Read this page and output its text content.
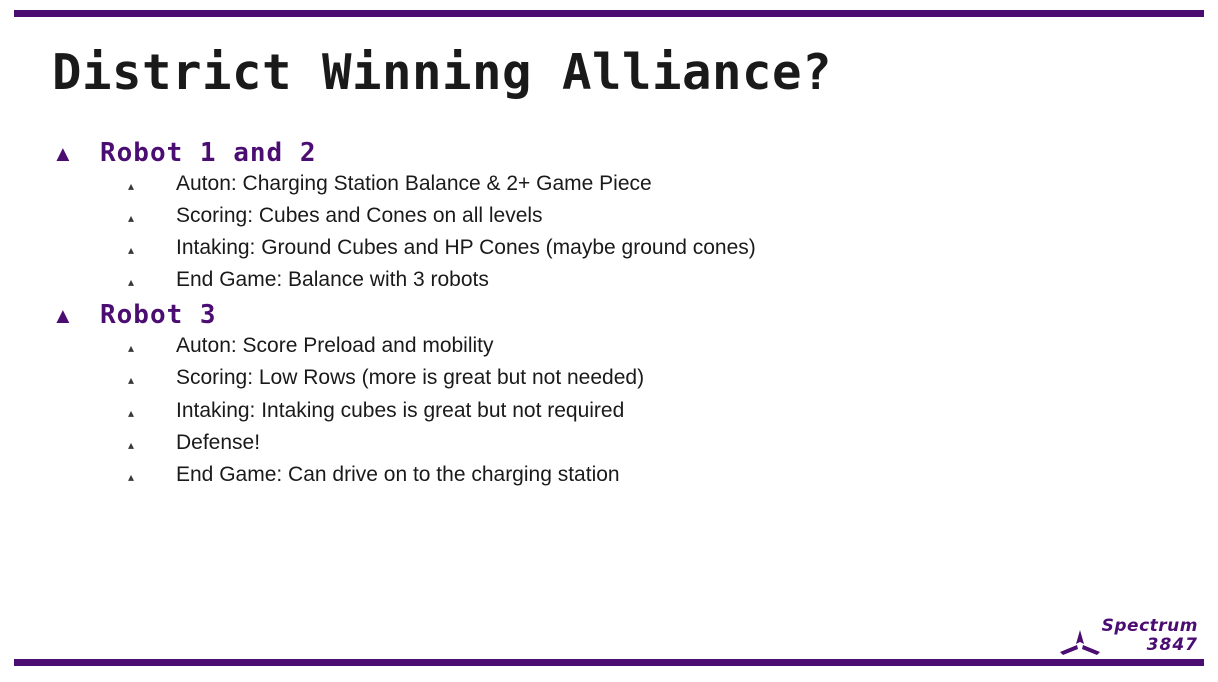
District Winning Alliance?
▲	Robot 1 and 2
▴	Auton: Charging Station Balance & 2+ Game Piece
▴	Scoring: Cubes and Cones on all levels
▴	Intaking: Ground Cubes and HP Cones (maybe ground cones)
▴	End Game: Balance with 3 robots
▲	Robot 3
▴	Auton: Score Preload and mobility
▴	Scoring: Low Rows (more is great but not needed)
▴	Intaking: Intaking cubes is great but not required
▴	Defense!
▴	End Game: Can drive on to the charging station
Spectrum
3847
